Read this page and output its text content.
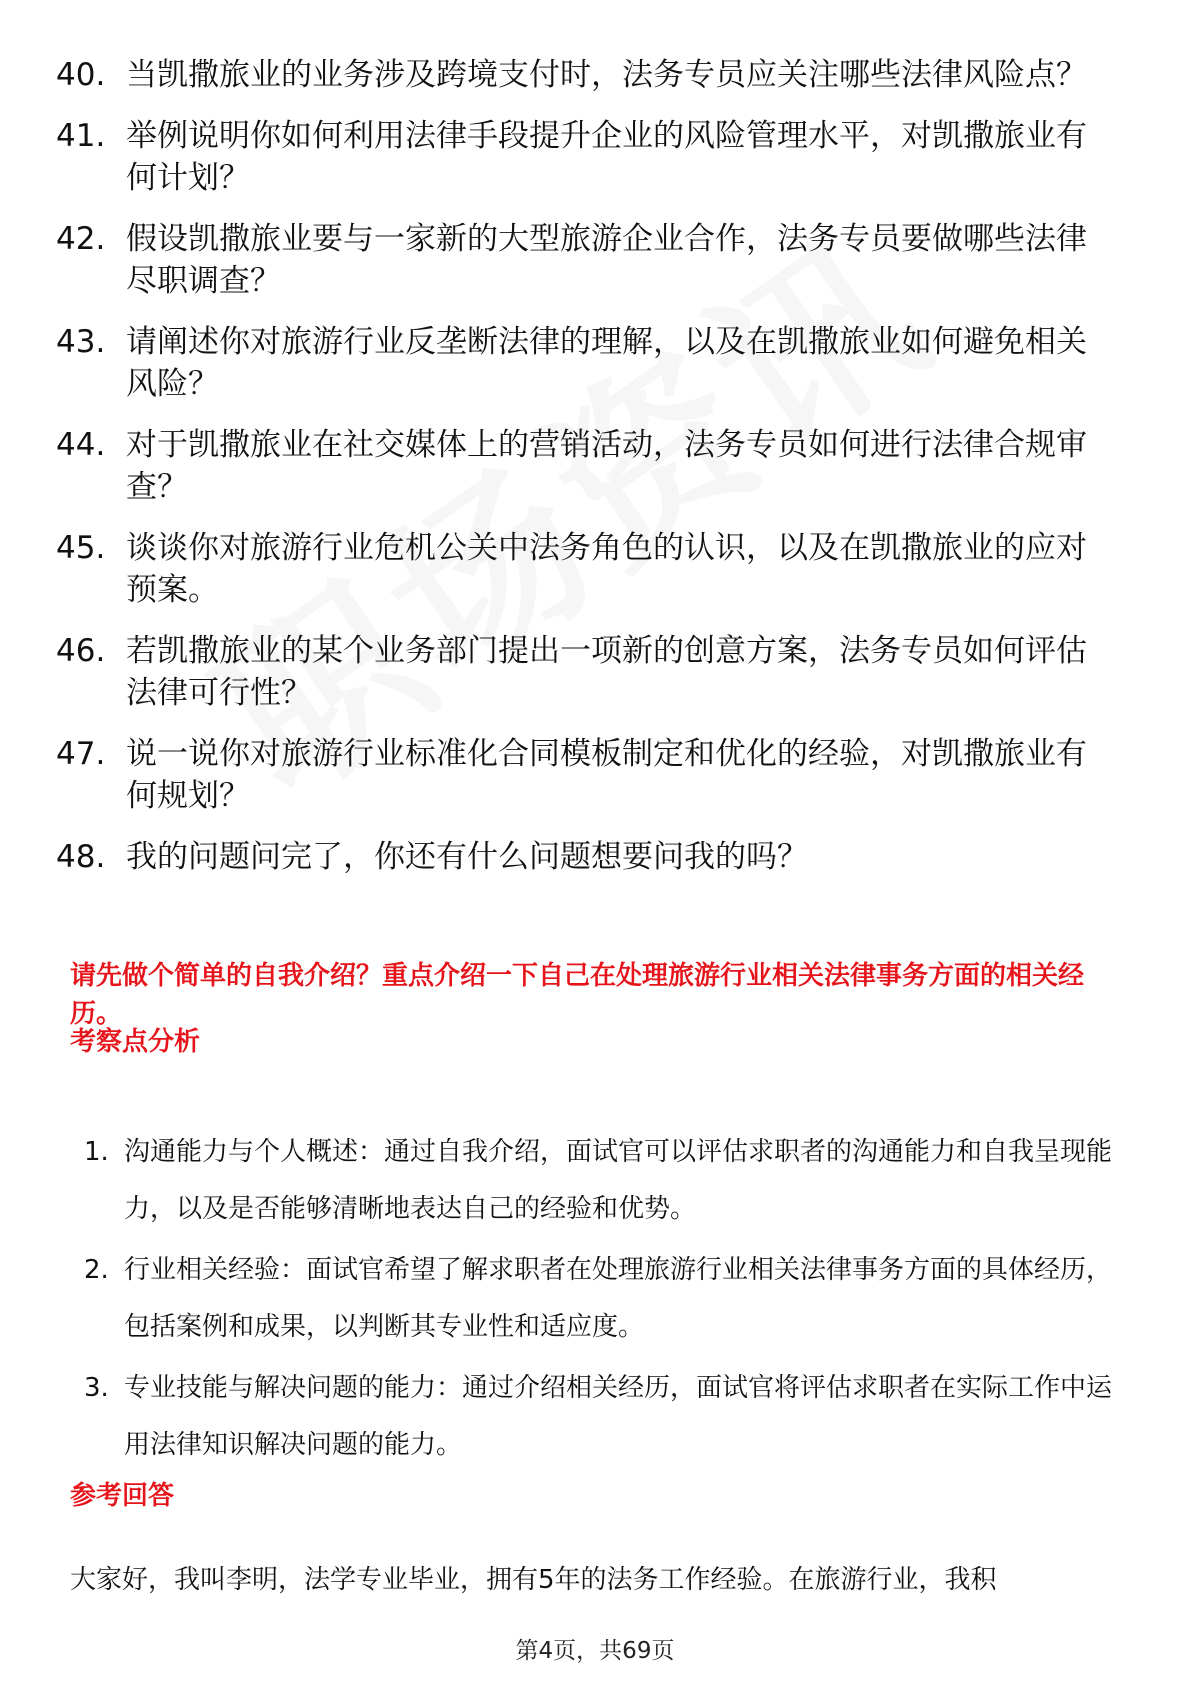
40. 当凯撒旅业的业务涉及跨境支付时，法务专员应关注哪些法律风险点？
41. 举例说明你如何利用法律手段提升企业的风险管理水平，对凯撒旅业有何计划？
42. 假设凯撒旅业要与一家新的大型旅游企业合作，法务专员要做哪些法律尽职调查？
43. 请阐述你对旅游行业反垄断法律的理解，以及在凯撒旅业如何避免相关风险？
44. 对于凯撒旅业在社交媒体上的营销活动，法务专员如何进行法律合规审查？
45. 谈谈你对旅游行业危机公关中法务角色的认识，以及在凯撒旅业的应对预案。
46. 若凯撒旅业的某个业务部门提出一项新的创意方案，法务专员如何评估法律可行性？
47. 说一说你对旅游行业标准化合同模板制定和优化的经验，对凯撒旅业有何规划？
48. 我的问题问完了，你还有什么问题想要问我的吗？
请先做个简单的自我介绍？重点介绍一下自己在处理旅游行业相关法律事务方面的相关经历。
考察点分析
1. 沟通能力与个人概述：通过自我介绍，面试官可以评估求职者的沟通能力和自我呈现能力，以及是否能够清晰地表达自己的经验和优势。
2. 行业相关经验：面试官希望了解求职者在处理旅游行业相关法律事务方面的具体经历，包括案例和成果，以判断其专业性和适应度。
3. 专业技能与解决问题的能力：通过介绍相关经历，面试官将评估求职者在实际工作中运用法律知识解决问题的能力。
参考回答
大家好，我叫李明，法学专业毕业，拥有5年的法务工作经验。在旅游行业，我积
第4页，共69页
